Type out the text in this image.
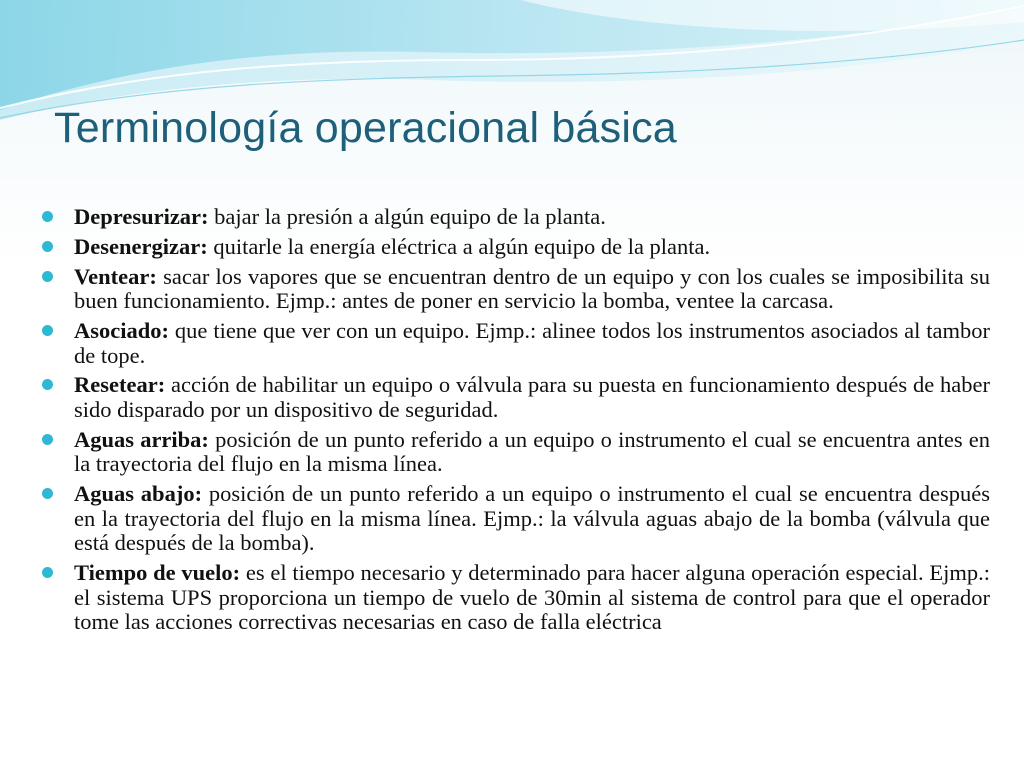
Terminología operacional básica
Depresurizar: bajar la presión a algún equipo de la planta.
Desenergizar: quitarle la energía eléctrica a algún equipo de la planta.
Ventear: sacar los vapores que se encuentran dentro de un equipo y con los cuales se imposibilita su buen funcionamiento. Ejmp.: antes de poner en servicio la bomba, ventee la carcasa.
Asociado: que tiene que ver con un equipo. Ejmp.: alinee todos los instrumentos asociados al tambor de tope.
Resetear: acción de habilitar un equipo o válvula para su puesta en funcionamiento después de haber sido disparado por un dispositivo de seguridad.
Aguas arriba: posición de un punto referido a un equipo o instrumento el cual se encuentra antes en la trayectoria del flujo en la misma línea.
Aguas abajo: posición de un punto referido a un equipo o instrumento el cual se encuentra después en la trayectoria del flujo en la misma línea. Ejmp.: la válvula aguas abajo de la bomba (válvula que está después de la bomba).
Tiempo de vuelo: es el tiempo necesario y determinado para hacer alguna operación especial. Ejmp.: el sistema UPS proporciona un tiempo de vuelo de 30min al sistema de control para que el operador tome las acciones correctivas necesarias en caso de falla eléctrica
